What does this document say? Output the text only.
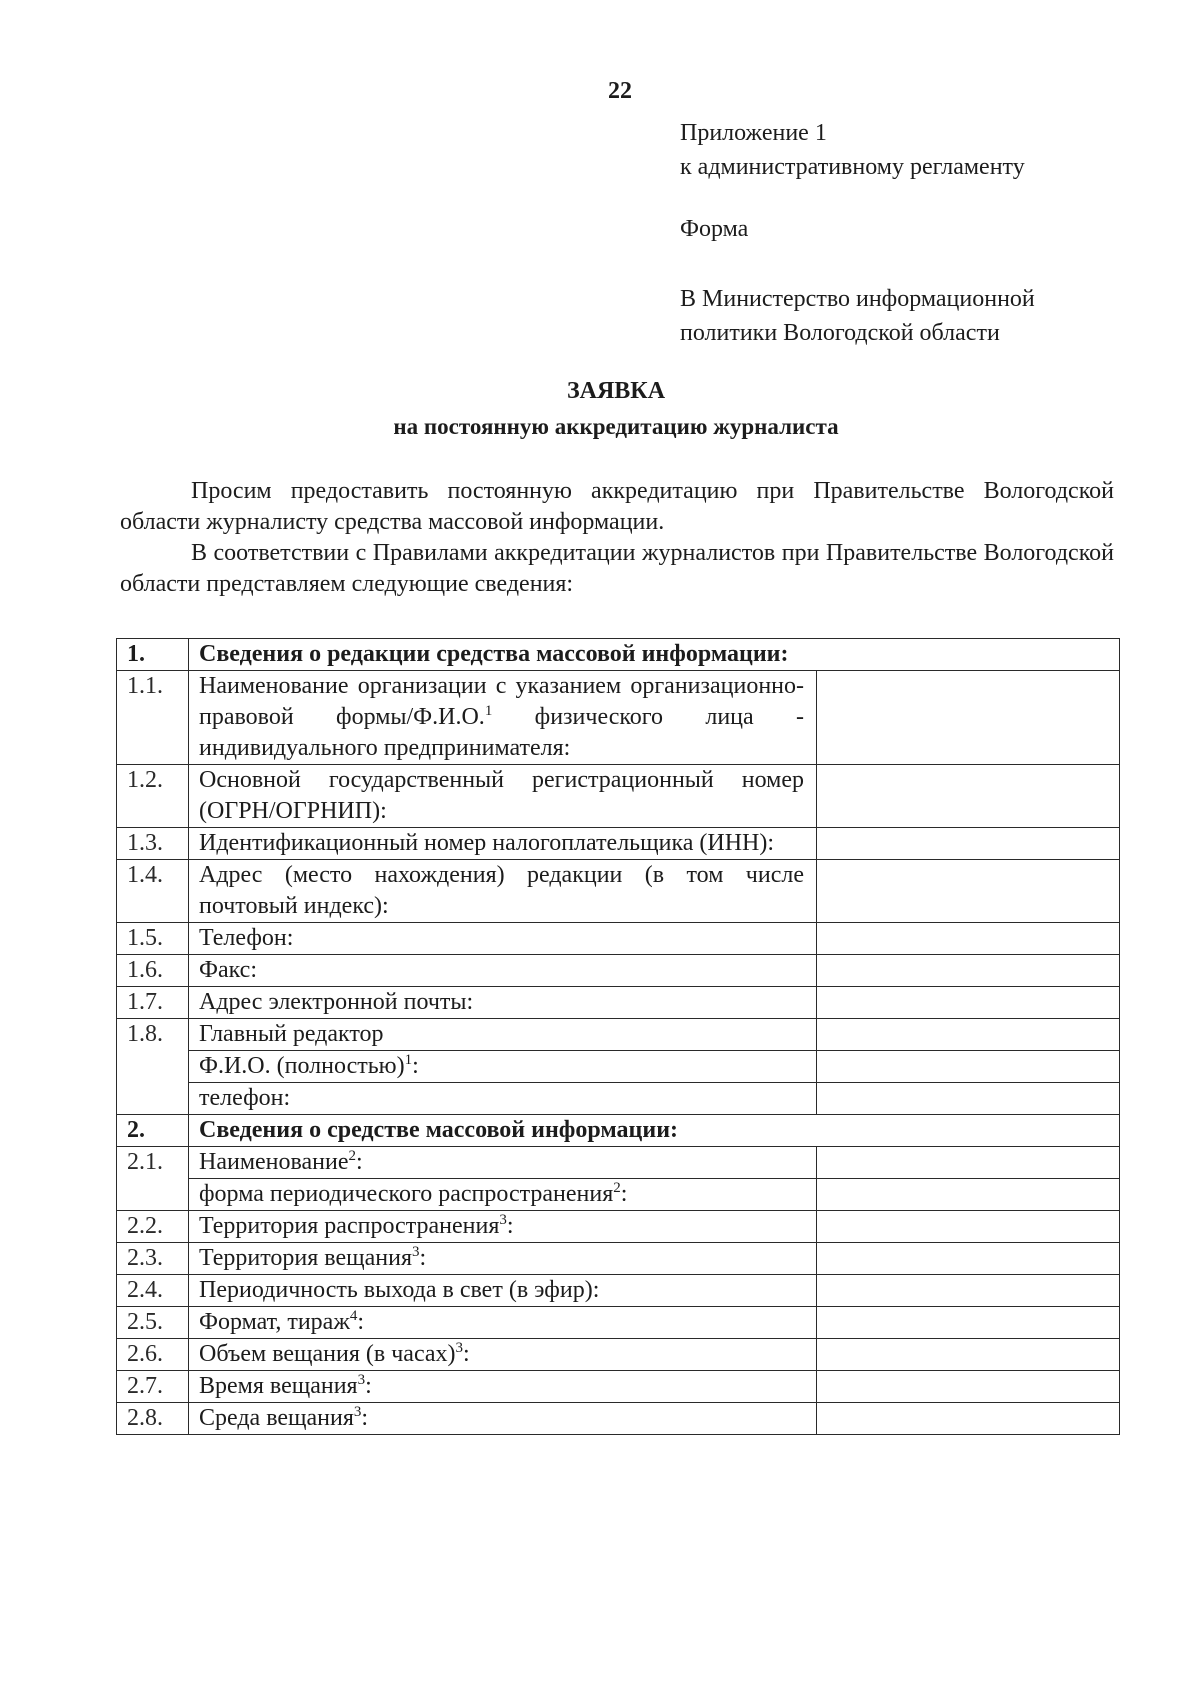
22
Приложение 1
к административному регламенту
Форма
В Министерство информационной
политики Вологодской области
ЗАЯВКА
на постоянную аккредитацию журналиста

Просим предоставить постоянную аккредитацию при Правительстве Вологодской области журналисту средства массовой информации.

В соответствии с Правилами аккредитации журналистов при Правительстве Вологодской области представляем следующие сведения:

1.	Сведения о редакции средства массовой информации:	
1.1.	Наименование организации с указанием организационно-правовой формы/Ф.И.О.$^1$ физического лица - индивидуального предпринимателя:	
1.2.	Основной государственный регистрационный номер (ОГРН/ОГРНИП):	
1.3.	Идентификационный номер налогоплательщика (ИНН):	
1.4.	Адрес (место нахождения) редакции (в том числе почтовый индекс):	
1.5.	Телефон:	
1.6.	Факс:	
1.7.	Адрес электронной почты:	
1.8.	Главный редактор	
	Ф.И.О. (полностью)$^1$:	
	телефон:	
2.	Сведения о средстве массовой информации:	
2.1.	Наименование$^2$:	
	форма периодического распространения$^2$:	
2.2.	Территория распространения$^3$:	
2.3.	Территория вещания$^3$:	
2.4.	Периодичность выхода в свет (в эфир):	
2.5.	Формат, тираж$^4$:	
2.6.	Объем вещания (в часах)$^3$:	
2.7.	Время вещания$^3$:	
2.8.	Среда вещания$^3$:	
